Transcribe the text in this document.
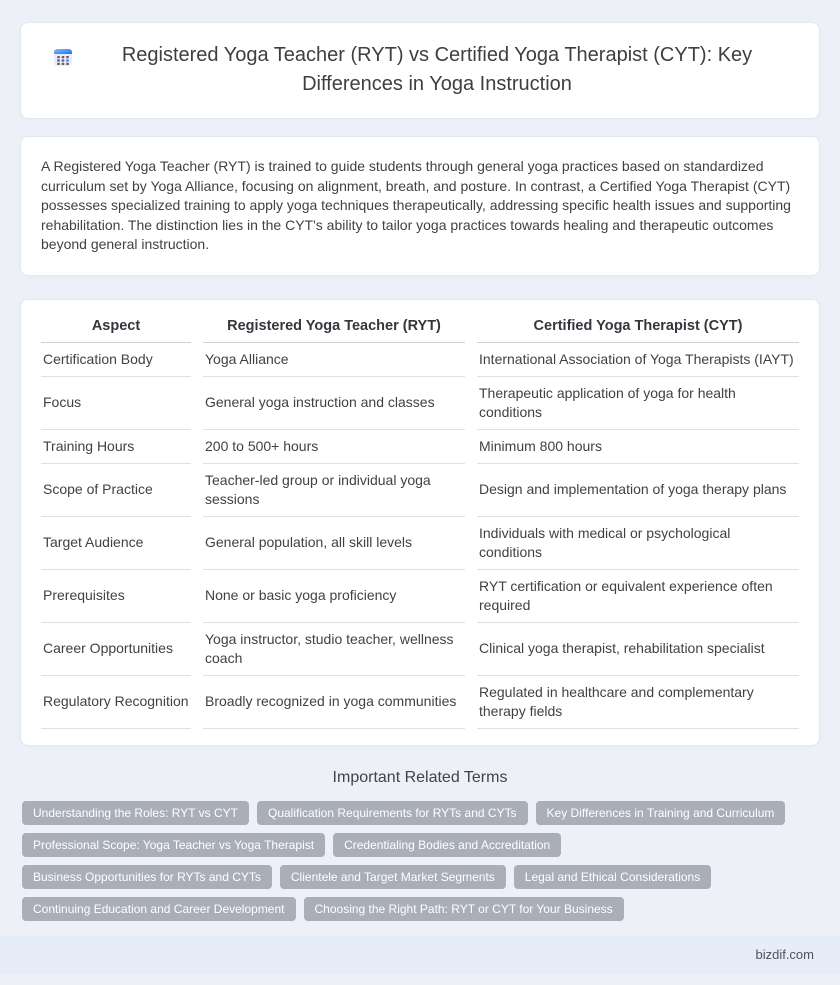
Registered Yoga Teacher (RYT) vs Certified Yoga Therapist (CYT): Key Differences in Yoga Instruction

A Registered Yoga Teacher (RYT) is trained to guide students through general yoga practices based on standardized curriculum set by Yoga Alliance, focusing on alignment, breath, and posture. In contrast, a Certified Yoga Therapist (CYT) possesses specialized training to apply yoga techniques therapeutically, addressing specific health issues and supporting rehabilitation. The distinction lies in the CYT's ability to tailor yoga practices towards healing and therapeutic outcomes beyond general instruction.

Aspect	Registered Yoga Teacher (RYT)	Certified Yoga Therapist (CYT)
Certification Body	Yoga Alliance	International Association of Yoga Therapists (IAYT)
Focus	General yoga instruction and classes	Therapeutic application of yoga for health conditions
Training Hours	200 to 500+ hours	Minimum 800 hours
Scope of Practice	Teacher-led group or individual yoga sessions	Design and implementation of yoga therapy plans
Target Audience	General population, all skill levels	Individuals with medical or psychological conditions
Prerequisites	None or basic yoga proficiency	RYT certification or equivalent experience often required
Career Opportunities	Yoga instructor, studio teacher, wellness coach	Clinical yoga therapist, rehabilitation specialist
Regulatory Recognition	Broadly recognized in yoga communities	Regulated in healthcare and complementary therapy fields
Important Related Terms
Understanding the Roles: RYT vs CYT	Qualification Requirements for RYTs and CYTs	Key Differences in Training and Curriculum
Professional Scope: Yoga Teacher vs Yoga Therapist	Credentialing Bodies and Accreditation
Business Opportunities for RYTs and CYTs	Clientele and Target Market Segments	Legal and Ethical Considerations
Continuing Education and Career Development	Choosing the Right Path: RYT or CYT for Your Business
bizdif.com
